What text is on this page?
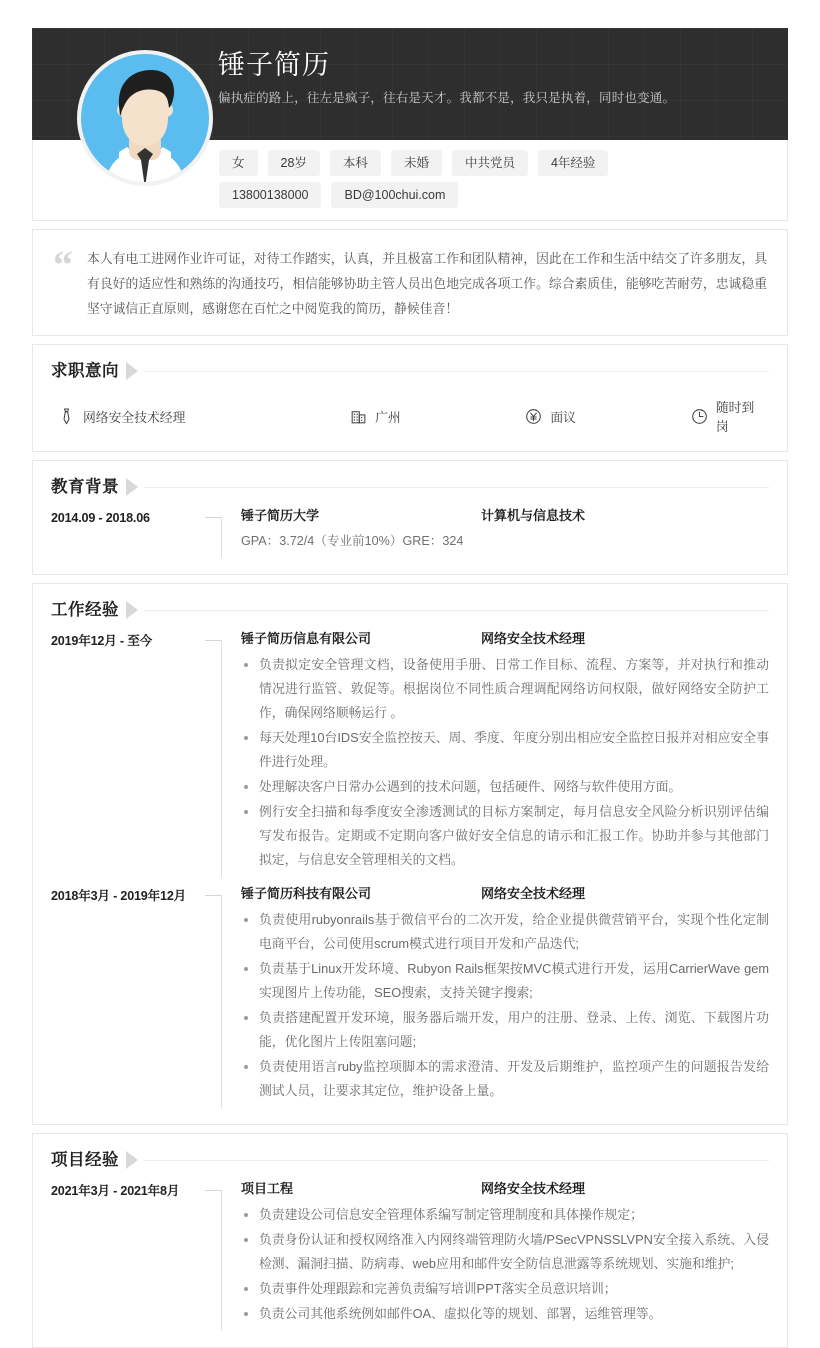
锤子简历
偏执症的路上，往左是疯子，往右是天才。我都不是，我只是执着，同时也变通。
女	28岁	本科	未婚	中共党员	4年经验
13800138000	BD@100chui.com
“	本人有电工进网作业许可证，对待工作踏实，认真，并且极富工作和团队精神，因此在工作和生活中结交了许多朋友，具有良好的适应性和熟练的沟通技巧，相信能够协助主管人员出色地完成各项工作。综合素质佳，能够吃苦耐劳，忠诚稳重坚守诚信正直原则，感谢您在百忙之中阅览我的简历，静候佳音！
求职意向
网络安全技术经理	广州	面议
随时到岗
教育背景
2014.09 - 2018.06	锤子简历大学	计算机与信息技术
GPA：3.72/4（专业前10%）GRE：324
工作经验
2019年12月 - 至今	锤子简历信息有限公司	网络安全技术经理
负责拟定安全管理文档，设备使用手册、日常工作目标、流程、方案等，并对执行和推动情况进行监管、敦促等。根据岗位不同性质合理调配网络访问权限，做好网络安全防护工作，确保网络顺畅运行 。
每天处理10台IDS安全监控按天、周、季度、年度分别出相应安全监控日报并对相应安全事件进行处理。
处理解决客户日常办公遇到的技术问题，包括硬件、网络与软件使用方面。
例行安全扫描和每季度安全渗透测试的目标方案制定，每月信息安全风险分析识别评估编写发布报告。定期或不定期向客户做好安全信息的请示和汇报工作。协助并参与其他部门拟定，与信息安全管理相关的文档。
2018年3月 - 2019年12月	锤子简历科技有限公司	网络安全技术经理
负责使用rubyonrails基于微信平台的二次开发，给企业提供微营销平台，实现个性化定制电商平台，公司使用scrum模式进行项目开发和产品迭代;
负责基于Linux开发环境、Rubyon Rails框架按MVC模式进行开发，运用CarrierWave gem实现图片上传功能，SEO搜索，支持关键字搜索;
负责搭建配置开发环境，服务器后端开发，用户的注册、登录、上传、浏览、下载图片功能，优化图片上传阻塞问题;
负责使用语言ruby监控项脚本的需求澄清、开发及后期维护，监控项产生的问题报告发给测试人员，让要求其定位，维护设备上量。
项目经验
2021年3月 - 2021年8月	项目工程	网络安全技术经理
负责建设公司信息安全管理体系编写制定管理制度和具体操作规定；
负责身份认证和授权网络准入内网终端管理防火墙/PSecVPNSSLVPN安全接入系统、入侵检测、漏洞扫描、防病毒、web应用和邮件安全防信息泄露等系统规划、实施和维护;
负责事件处理跟踪和完善负责编写培训PPT落实全员意识培训；
负责公司其他系统例如邮件OA、虚拟化等的规划、部署，运维管理等。
